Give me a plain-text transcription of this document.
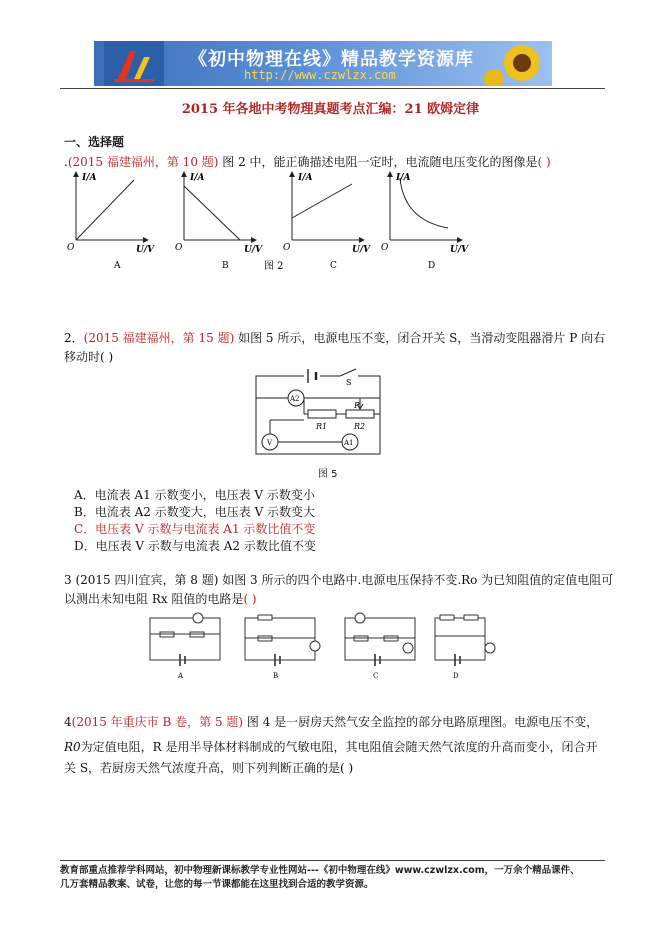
《初中物理在线》精品教学资源库
http://www.czwlzx.com
2015 年各地中考物理真题考点汇编：21 欧姆定律
一、选择题
.(2015 福建福州，第 10 题) 图 2 中，能正确描述电阻一定时，电流随电压变化的图像是( )
I/A
U/V
O
A
I/A
U/V
O
B
I/A
U/V
O
C
I/A
U/V
O
D
图 2
2．(2015 福建福州，第 15 题) 如图 5 所示，电源电压不变，闭合开关 S，当滑动变阻器滑片 P 向右
移动时( )
S
A2
P
R1	R2
V	A1
图 5
A．电流表 A1 示数变小，电压表 V 示数变小
B．电流表 A2 示数变大，电压表 V 示数变大
C．电压表 V 示数与电流表 A1 示数比值不变
D．电压表 V 示数与电流表 A2 示数比值不变
3 (2015 四川宜宾，第 8 题) 如图 3 所示的四个电路中.电源电压保持不变.Ro 为已知阻值的定值电阻可
以测出未知电阻 Rx 阻值的电路是( )
A	B	C	D
4(2015 年重庆市 B 卷，第 5 题) 图 4 是一厨房天然气安全监控的部分电路原理图。电源电压不变，
R0为定值电阻，R 是用半导体材料制成的气敏电阻，其电阻值会随天然气浓度的升高而变小，闭合开
关 S，若厨房天然气浓度升高，则下列判断正确的是( )
教育部重点推荐学科网站，初中物理新课标教学专业性网站---《初中物理在线》www.czwlzx.com，一万余个精品课件、
几万套精品教案、试卷，让您的每一节课都能在这里找到合适的教学资源。
